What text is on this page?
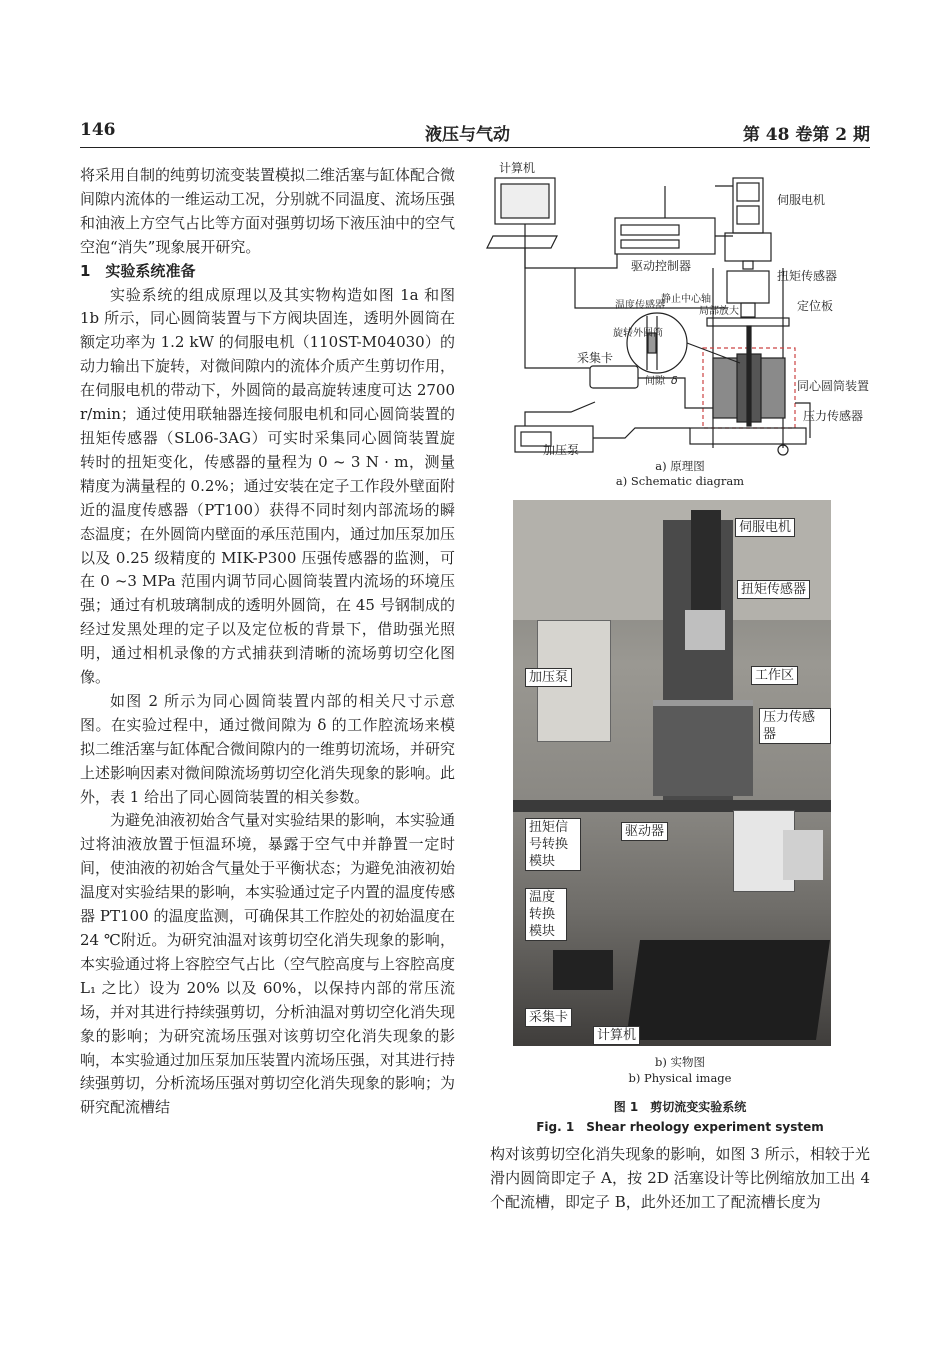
146	液压与气动	第 48 卷第 2 期

将采用自制的纯剪切流变装置模拟二维活塞与缸体配合微间隙内流体的一维运动工况，分别就不同温度、流场压强和油液上方空气占比等方面对强剪切场下液压油中的空气空泡“消失”现象展开研究。

1　实验系统准备

实验系统的组成原理以及其实物构造如图 1a 和图 1b 所示，同心圆筒装置与下方阀块固连，透明外圆筒在额定功率为 1.2 kW 的伺服电机（110ST-M04030）的动力输出下旋转，对微间隙内的流体介质产生剪切作用，在伺服电机的带动下，外圆筒的最高旋转速度可达 2700 r/min；通过使用联轴器连接伺服电机和同心圆筒装置的扭矩传感器（SL06-3AG）可实时采集同心圆筒装置旋转时的扭矩变化，传感器的量程为 0 ~ 3 N · m，测量精度为满量程的 0.2%；通过安装在定子工作段外壁面附近的温度传感器（PT100）获得不同时刻内部流场的瞬态温度；在外圆筒内壁面的承压范围内，通过加压泵加压以及 0.25 级精度的 MIK-P300 压强传感器的监测，可在 0 ~3 MPa 范围内调节同心圆筒装置内流场的环境压强；通过有机玻璃制成的透明外圆筒，在 45 号钢制成的经过发黑处理的定子以及定位板的背景下，借助强光照明，通过相机录像的方式捕获到清晰的流场剪切空化图像。

如图 2 所示为同心圆筒装置内部的相关尺寸示意图。在实验过程中，通过微间隙为 δ 的工作腔流场来模拟二维活塞与缸体配合微间隙内的一维剪切流场，并研究上述影响因素对微间隙流场剪切空化消失现象的影响。此外，表 1 给出了同心圆筒装置的相关参数。

为避免油液初始含气量对实验结果的影响，本实验通过将油液放置于恒温环境，暴露于空气中并静置一定时间，使油液的初始含气量处于平衡状态；为避免油液初始温度对实验结果的影响，本实验通过定子内置的温度传感器 PT100 的温度监测，可确保其工作腔处的初始温度在 24 ℃附近。为研究油温对该剪切空化消失现象的影响，本实验通过将上容腔空气占比（空气腔高度与上容腔高度 L₁ 之比）设为 20% 以及 60%，以保持内部的常压流场，并对其进行持续强剪切，分析油温对剪切空化消失现象的影响；为研究流场压强对该剪切空化消失现象的影响，本实验通过加压泵加压装置内流场压强，对其进行持续强剪切，分析流场压强对剪切空化消失现象的影响；为研究配流槽结

计算机
伺服电机
驱动控制器
扭矩传感器
定位板
温度传感器
静止中心轴
局部放大
旋转外圆筒
采集卡
间隙 δ	同心圆筒装置
压力传感器
加压泵
a) 原理图
a) Schematic diagram
伺服电机
扭矩传感器
加压泵	工作区
压力传感器
扭矩信号转换模块
驱动器
温度转换模块
采集卡
计算机
b) 实物图
b) Physical image
图 1　剪切流变实验系统
Fig. 1　Shear rheology experiment system

构对该剪切空化消失现象的影响，如图 3 所示，相较于光滑内圆筒即定子 A，按 2D 活塞设计等比例缩放加工出 4 个配流槽，即定子 B，此外还加工了配流槽长度为
